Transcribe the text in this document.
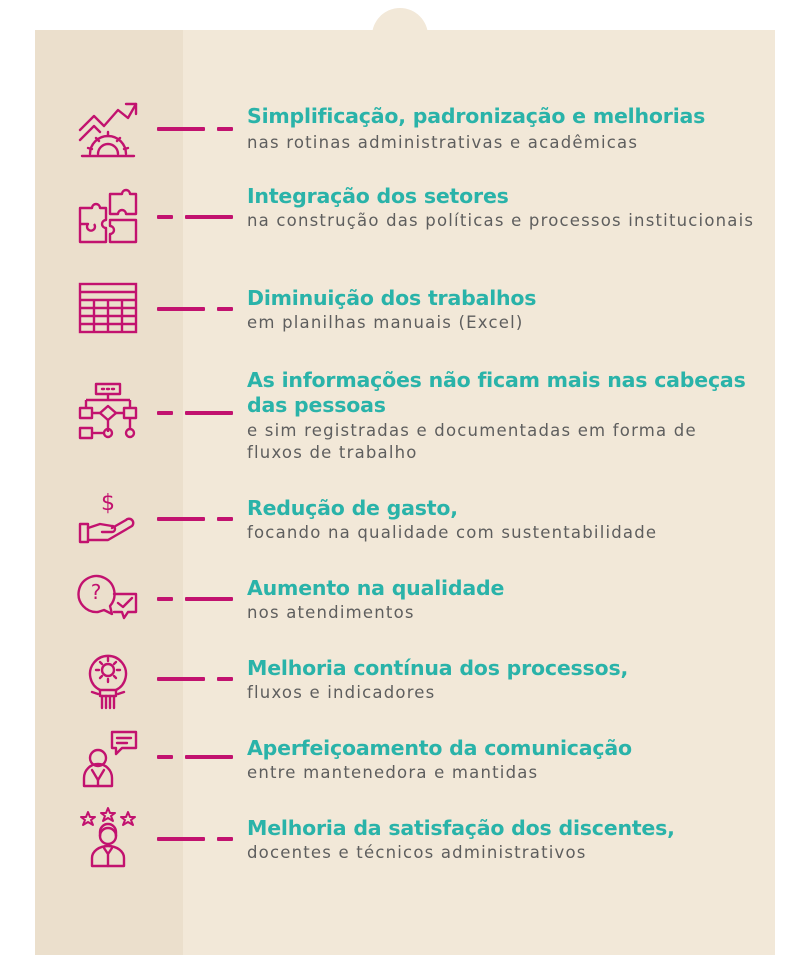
Simplificação, padronização e melhorias
nas rotinas administrativas e acadêmicas
Integração dos setores
na construção das políticas e processos institucionais
Diminuição dos trabalhos
em planilhas manuais (Excel)
As informações não ficam mais nas cabeças das pessoas
e sim registradas e documentadas em forma de fluxos de trabalho
$	Redução de gasto,
focando na qualidade com sustentabilidade
?	Aumento na qualidade
nos atendimentos
Melhoria contínua dos processos,
fluxos e indicadores
Aperfeiçoamento da comunicação
entre mantenedora e mantidas
Melhoria da satisfação dos discentes,
docentes e técnicos administrativos
